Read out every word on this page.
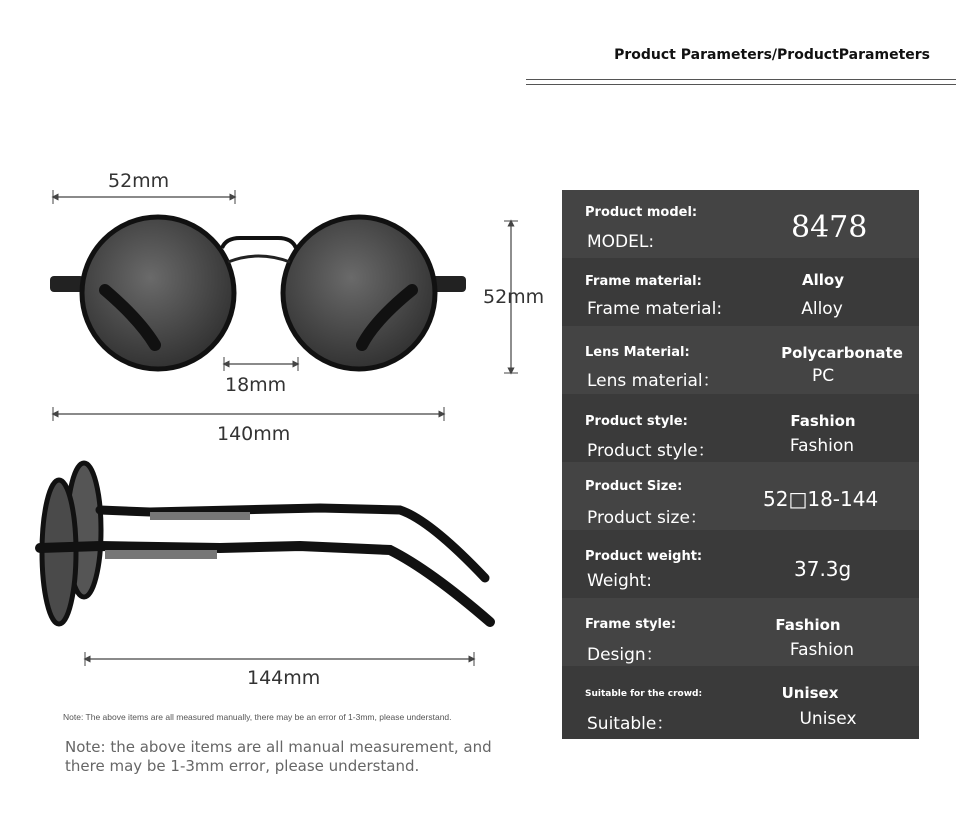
Product Parameters/ProductParameters
52mm
52mm
18mm
140mm
144mm
Note: The above items are all measured manually, there may be an error of 1-3mm, please understand.
Note: the above items are all manual measurement, and there may be 1-3mm error, please understand.
Product model:
MODEL:	8478
Frame material:
Frame material:
Alloy
Alloy
Lens Material:
Lens material：
Polycarbonate
PC
Product style:
Product style：
Fashion
Fashion
Product Size:
Product size：
52□18-144
Product weight:
Weight:	37.3g
Frame style:
Design：
Fashion
Fashion
Suitable for the crowd:
Suitable：
Unisex
Unisex
